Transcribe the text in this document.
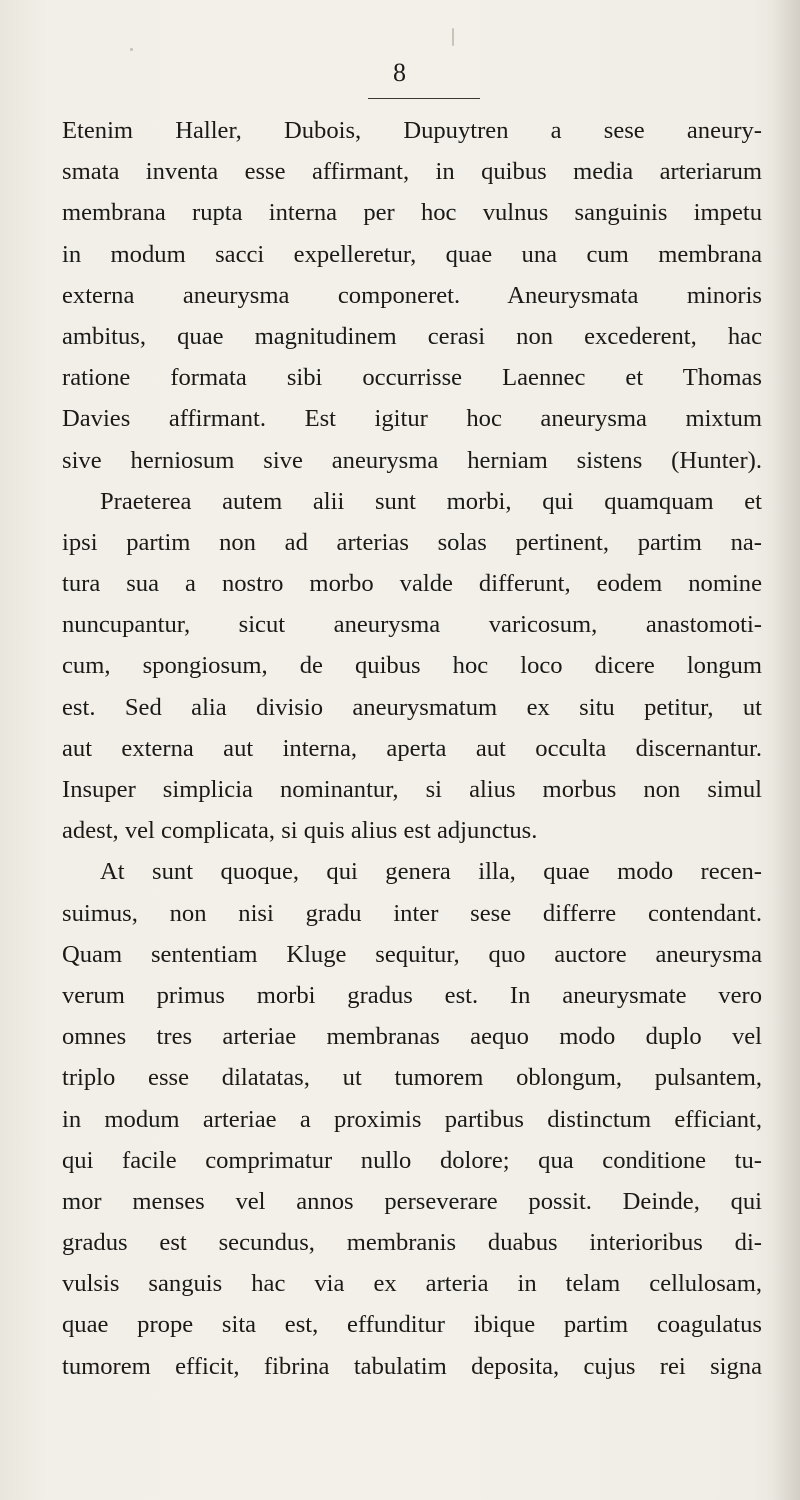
8
Etenim Haller, Dubois, Dupuytren a sese aneury-
smata inventa esse affirmant, in quibus media arteriarum
membrana rupta interna per hoc vulnus sanguinis impetu
in modum sacci expelleretur, quae una cum membrana
externa aneurysma componeret. Aneurysmata minoris
ambitus, quae magnitudinem cerasi non excederent, hac
ratione formata sibi occurrisse Laennec et Thomas
Davies affirmant. Est igitur hoc aneurysma mixtum
sive herniosum sive aneurysma herniam sistens (Hunter).
Praeterea autem alii sunt morbi, qui quamquam et
ipsi partim non ad arterias solas pertinent, partim na-
tura sua a nostro morbo valde differunt, eodem nomine
nuncupantur, sicut aneurysma varicosum, anastomoti-
cum, spongiosum, de quibus hoc loco dicere longum
est. Sed alia divisio aneurysmatum ex situ petitur, ut
aut externa aut interna, aperta aut occulta discernantur.
Insuper simplicia nominantur, si alius morbus non simul
adest, vel complicata, si quis alius est adjunctus.
At sunt quoque, qui genera illa, quae modo recen-
suimus, non nisi gradu inter sese differre contendant.
Quam sententiam Kluge sequitur, quo auctore aneurysma
verum primus morbi gradus est. In aneurysmate vero
omnes tres arteriae membranas aequo modo duplo vel
triplo esse dilatatas, ut tumorem oblongum, pulsantem,
in modum arteriae a proximis partibus distinctum efficiant,
qui facile comprimatur nullo dolore; qua conditione tu-
mor menses vel annos perseverare possit. Deinde, qui
gradus est secundus, membranis duabus interioribus di-
vulsis sanguis hac via ex arteria in telam cellulosam,
quae prope sita est, effunditur ibique partim coagulatus
tumorem efficit, fibrina tabulatim deposita, cujus rei signa
